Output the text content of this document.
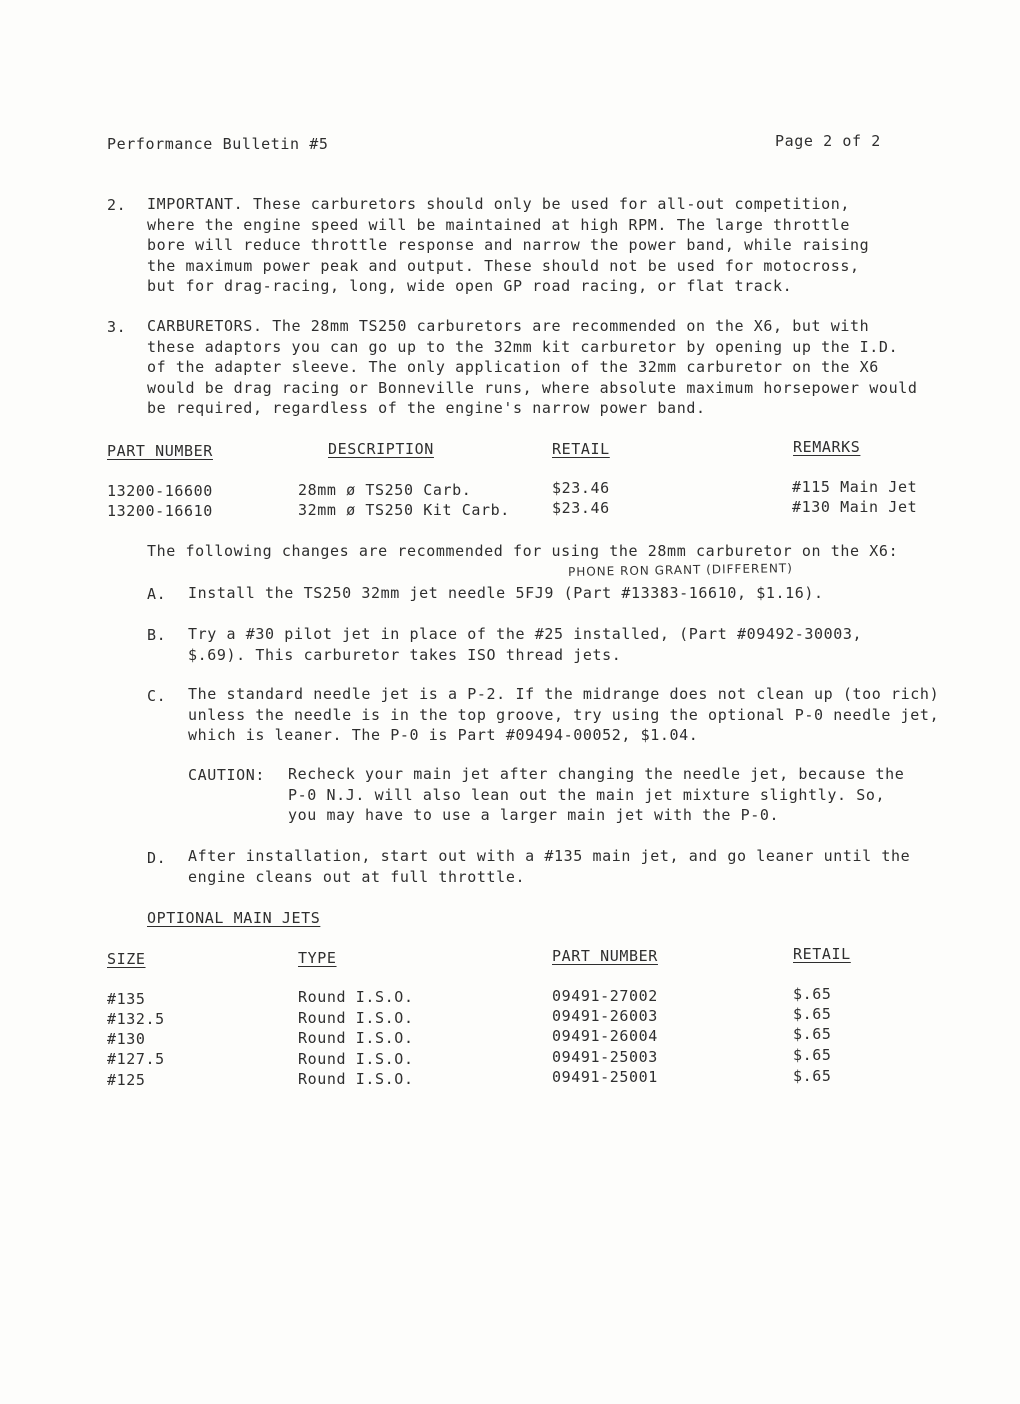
Performance Bulletin #5	Page 2 of 2
2. IMPORTANT. These carburetors should only be used for all-out competition,
where the engine speed will be maintained at high RPM. The large throttle
bore will reduce throttle response and narrow the power band, while raising
the maximum power peak and output. These should not be used for motocross,
but for drag-racing, long, wide open GP road racing, or flat track.
3. CARBURETORS. The 28mm TS250 carburetors are recommended on the X6, but with
these adaptors you can go up to the 32mm kit carburetor by opening up the I.D.
of the adapter sleeve. The only application of the 32mm carburetor on the X6
would be drag racing or Bonneville runs, where absolute maximum horsepower would
be required, regardless of the engine's narrow power band.
PART NUMBER	DESCRIPTION	RETAIL	REMARKS
13200-16600	28mm ø TS250 Carb.	$23.46	#115 Main Jet
13200-16610	32mm ø TS250 Kit Carb.	$23.46	#130 Main Jet
The following changes are recommended for using the 28mm carburetor on the X6:
PHONE RON GRANT (DIFFERENT)
A. Install the TS250 32mm jet needle 5FJ9 (Part #13383-16610, $1.16).
B. Try a #30 pilot jet in place of the #25 installed, (Part #09492-30003,
$.69). This carburetor takes ISO thread jets.
C. The standard needle jet is a P-2. If the midrange does not clean up (too rich)
unless the needle is in the top groove, try using the optional P-0 needle jet,
which is leaner. The P-0 is Part #09494-00052, $1.04.
CAUTION: Recheck your main jet after changing the needle jet, because the
P-0 N.J. will also lean out the main jet mixture slightly. So,
you may have to use a larger main jet with the P-0.
D. After installation, start out with a #135 main jet, and go leaner until the
engine cleans out at full throttle.
OPTIONAL MAIN JETS
SIZE	TYPE	PART NUMBER	RETAIL
#135	Round I.S.O.	09491-27002	$.65
#132.5	Round I.S.O.	09491-26003	$.65
#130	Round I.S.O.	09491-26004	$.65
#127.5	Round I.S.O.	09491-25003	$.65
#125	Round I.S.O.	09491-25001	$.65
